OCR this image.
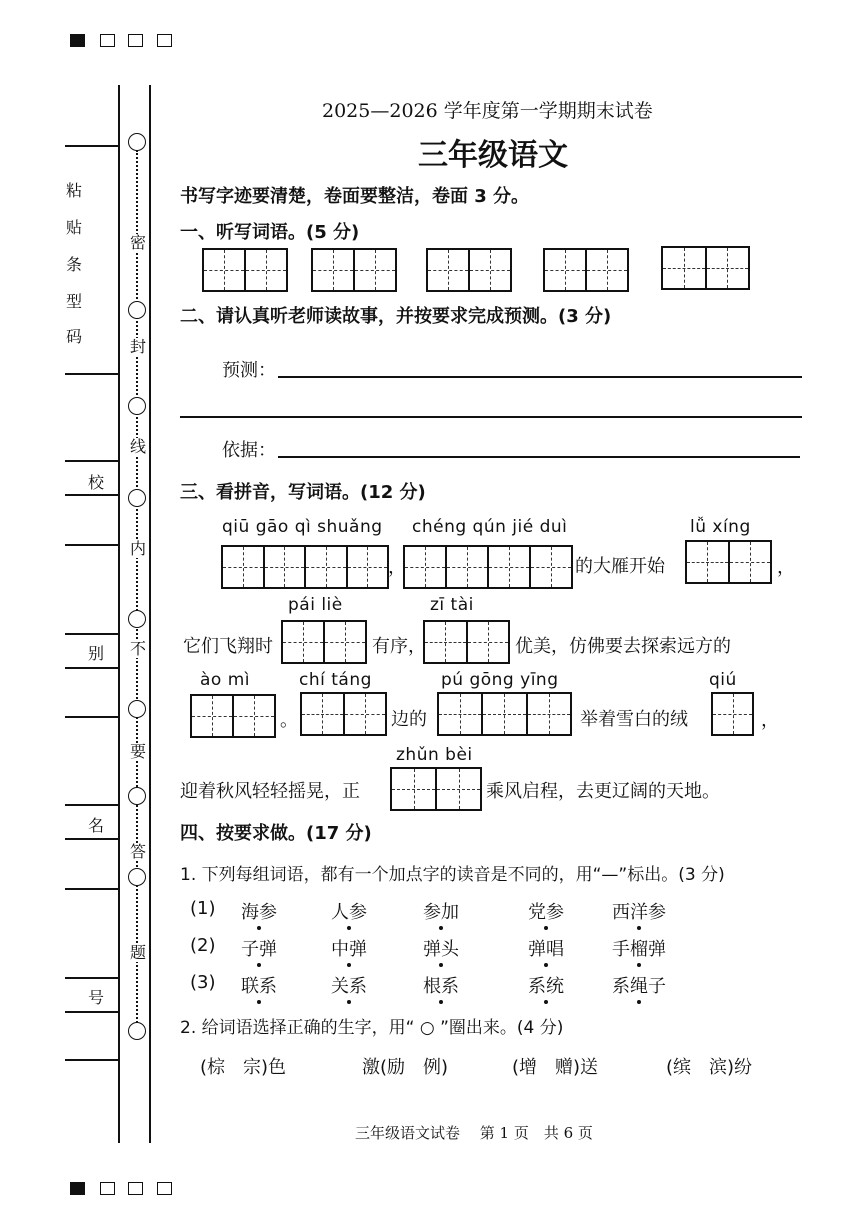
粘
贴
条
型
码
校
别
名
号
密
封
线
内
不
要
答
题
2025—2026 学年度第一学期期末试卷
三年级语文
书写字迹要清楚，卷面要整洁，卷面 3 分。
一、听写词语。(5 分)
二、请认真听老师读故事，并按要求完成预测。(3 分)
预测：
依据：
三、看拼音，写词语。(12 分)
qiū gāo qì shuǎng chéng qún jié duì	lǚ xíng
，	的大雁开始	，
pái liè	zī tài
它们飞翔时	有序，	优美，仿佛要去探索远方的
ào mì	chí táng	pú gōng yīng	qiú
。	边的	举着雪白的绒	，
zhǔn bèi
迎着秋风轻轻摇晃，正	乘风启程，去更辽阔的天地。
四、按要求做。(17 分)
1. 下列每组词语，都有一个加点字的读音是不同的，用“—”标出。(3 分)
(1) 海参	人参	参加	党参	西洋参
(2) 子弹	中弹	弹头	弹唱	手榴弹
(3) 联系	关系	根系	系统	系绳子
2. 给词语选择正确的生字，用“ ○ ”圈出来。(4 分)
(棕　宗)色	激(励　例)	(增　赠)送	(缤　滨)纷
三年级语文试卷　 第 1 页　共 6 页
